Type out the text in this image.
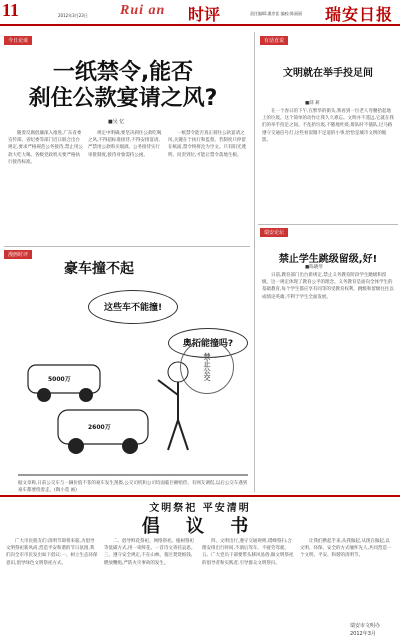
11	2012年3月23日 Rui an 时评	责任编辑:潘彦佳 编校:陈丽丽 瑞安日报
今日论谈
一纸禁令,能否
刹住公款宴请之风?
■吴 忆

随着反腐倡廉深入推进,广东省委宣传部、省纪委等部门近日联合出台规定,要求严格规范公务接待,禁止用公款大吃大喝。各级党政机关要严格执行接待标准。

规定中明确,要坚决刹住公款吃喝之风,不得超标准接待,不得安排宴请,严禁用公款购买烟酒。公务接待实行审批制度,接待对象需持公函。

一纸禁令能否真正刹住公款宴请之风,关键在于执行和监督。若制度只停留在纸面,禁令终将沦为空文。只有阳光透明、问责到位,才能让禁令落地生根。

漫画时评
豪车撞不起
这些车不能撞!
奥拓能撞吗?
5000万
2600万
禁止公交
据文章称,日前公交车与一辆价值不菲的豪车发生刮擦,公交司机和公司均面临巨额赔偿。有网友调侃,以后公交车遇到豪车都要绕着走。(陶小莫 画)
有话直说
文明就在举手投足间
■薛 莉

在一个春日的下午,在繁华的街头,我看到一位老人弯腰拾起地上的垃圾。这个简单的动作让我久久难忘。文明并不遥远,它就在我们的举手投足之间。不乱扔垃圾,不随地吐痰,排队时不插队,过马路遵守交通信号灯,这些看似微不足道的小事,恰恰是城市文明的缩影。

瑞安论坛
禁止学生跳级留级,好!
■陈晓琴

日前,教育部门出台新规定,禁止义务教育阶段学生跳级和留级。这一规定体现了教育公平的理念。义务教育是面向全体学生的基础教育,每个学生都应享有同等的受教育权利。跳级和留级往往以成绩论英雄,不利于学生全面发展。

文明祭祀 平安清明
倡 议 书

广大市民朋友们:清明节即将来临,为倡导文明祭祀新风尚,营造平安和谐的节日氛围,我们向全市市民发出如下倡议:一、树立生态环保意识,倡导绿色文明祭祀方式。

二、倡导鲜花祭祀、网络祭祀、植树祭祀等低碳方式,用一束鲜花、一首诗文寄托哀思。三、遵守安全规定,不在山林、墓区焚烧纸钱、燃放鞭炮,严防火灾事故的发生。

四、文明出行,遵守交通规则,错峰祭扫,合理安排出行时间,不酒后驾车、不疲劳驾驶。五、广大党员干部要带头移风易俗,做文明祭祀的倡导者和实践者,引导群众文明祭扫。

让我们携起手来,从我做起,从现在做起,以文明、环保、安全的方式缅怀先人,共同营造一个文明、平安、和谐的清明节。

瑞安市文明办
2012年3月
